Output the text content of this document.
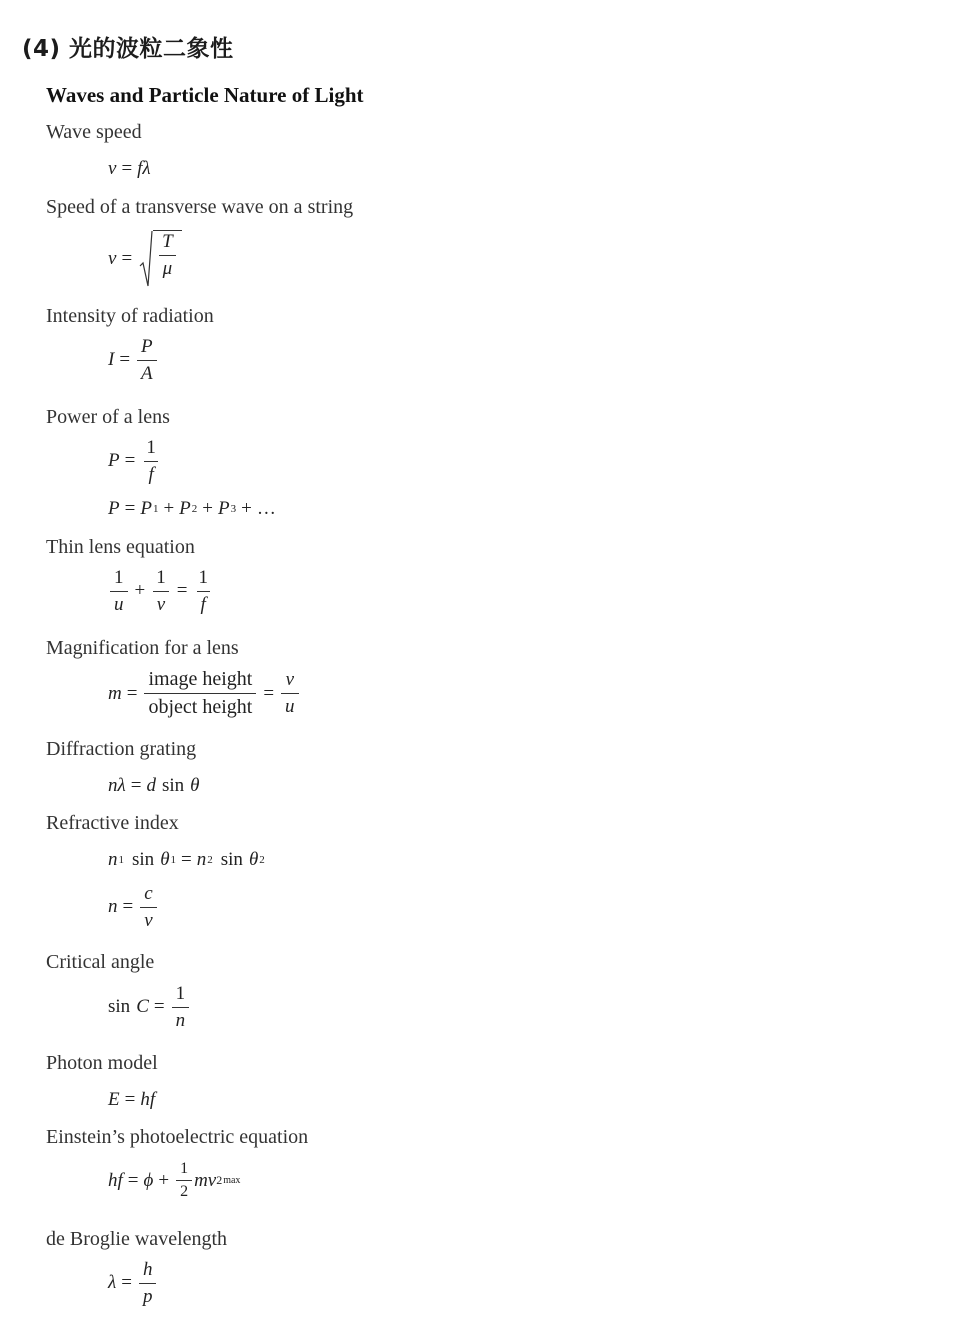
(4) 光的波粒二象性
Waves and Particle Nature of Light
Wave speed
v = fλ
Speed of a transverse wave on a string
$v = \frac{T}{\mu}$
Intensity of radiation
$I = \frac{P}{A}$
Power of a lens
$P = \frac{1}{f}$
P = P 1 + P 2 + P 3 + …
Thin lens equation
$\frac{1}{u} + \frac{1}{v} = \frac{1}{f}$
Magnification for a lens
$m = \frac{\text{image height}}{\text{object height}} = \frac{v}{u}$
Diffraction grating
nλ = d sin θ
Refractive index
n 1 sin θ 1 = n 2 sin θ 2
$n = \frac{c}{v}$
Critical angle
$\sin C = \frac{1}{n}$
Photon model
E = hf
Einstein’s photoelectric equation
hf = $\phi + \frac{1}{2}$ mv 2 max
de Broglie wavelength
$\lambda = \frac{h}{p}$
